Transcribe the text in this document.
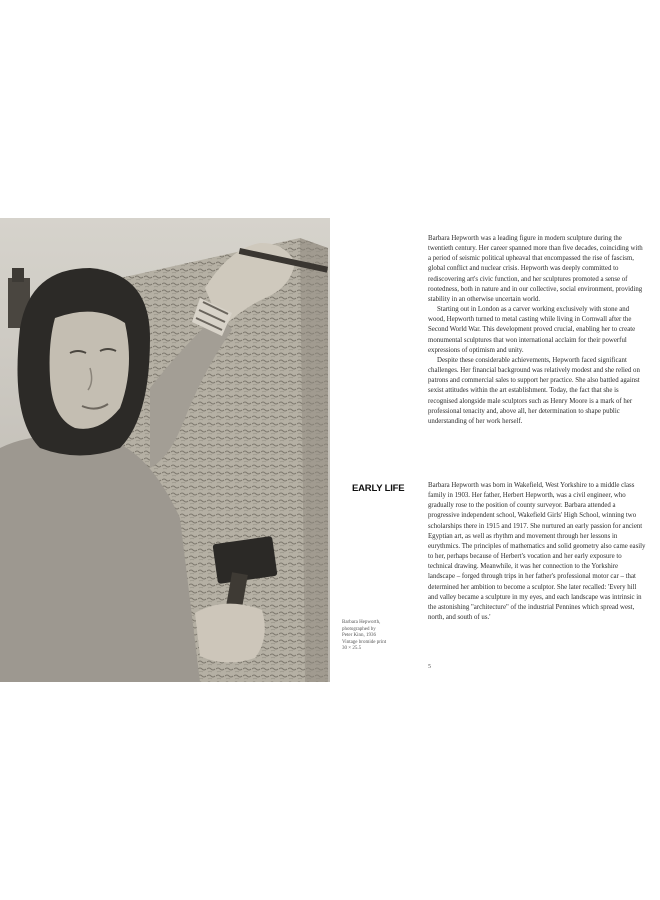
Barbara Hepworth,
photographed by
Peter Kinn, 1936
Vintage bromide print
30 × 25.5

Barbara Hepworth was a leading figure in modern sculpture during the twentieth century. Her career spanned more than five decades, coinciding with a period of seismic political upheaval that encompassed the rise of fascism, global conflict and nuclear crisis. Hepworth was deeply committed to rediscovering art's civic function, and her sculptures promoted a sense of rootedness, both in nature and in our collective, social environment, providing stability in an otherwise uncertain world.

Starting out in London as a carver working exclusively with stone and wood, Hepworth turned to metal casting while living in Cornwall after the Second World War. This development proved crucial, enabling her to create monumental sculptures that won international acclaim for their powerful expressions of optimism and unity.

Despite these considerable achievements, Hepworth faced significant challenges. Her financial background was relatively modest and she relied on patrons and commercial sales to support her practice. She also battled against sexist attitudes within the art establishment. Today, the fact that she is recognised alongside male sculptors such as Henry Moore is a mark of her professional tenacity and, above all, her determination to shape public understanding of her work herself.

EARLY LIFE	Barbara Hepworth was born in Wakefield, West Yorkshire to a middle class family in 1903. Her father, Herbert Hepworth, was a civil engineer, who gradually rose to the position of county surveyor. Barbara attended a progressive independent school, Wakefield Girls' High School, winning two scholarships there in 1915 and 1917. She nurtured an early passion for ancient Egyptian art, as well as rhythm and movement through her lessons in eurythmics. The principles of mathematics and solid geometry also came easily to her, perhaps because of Herbert's vocation and her early exposure to technical drawing. Meanwhile, it was her connection to the Yorkshire landscape – forged through trips in her father's professional motor car – that determined her ambition to become a sculptor. She later recalled: 'Every hill and valley became a sculpture in my eyes, and each landscape was intrinsic in the astonishing "architecture" of the industrial Pennines which spread west, north, and south of us.'

5
